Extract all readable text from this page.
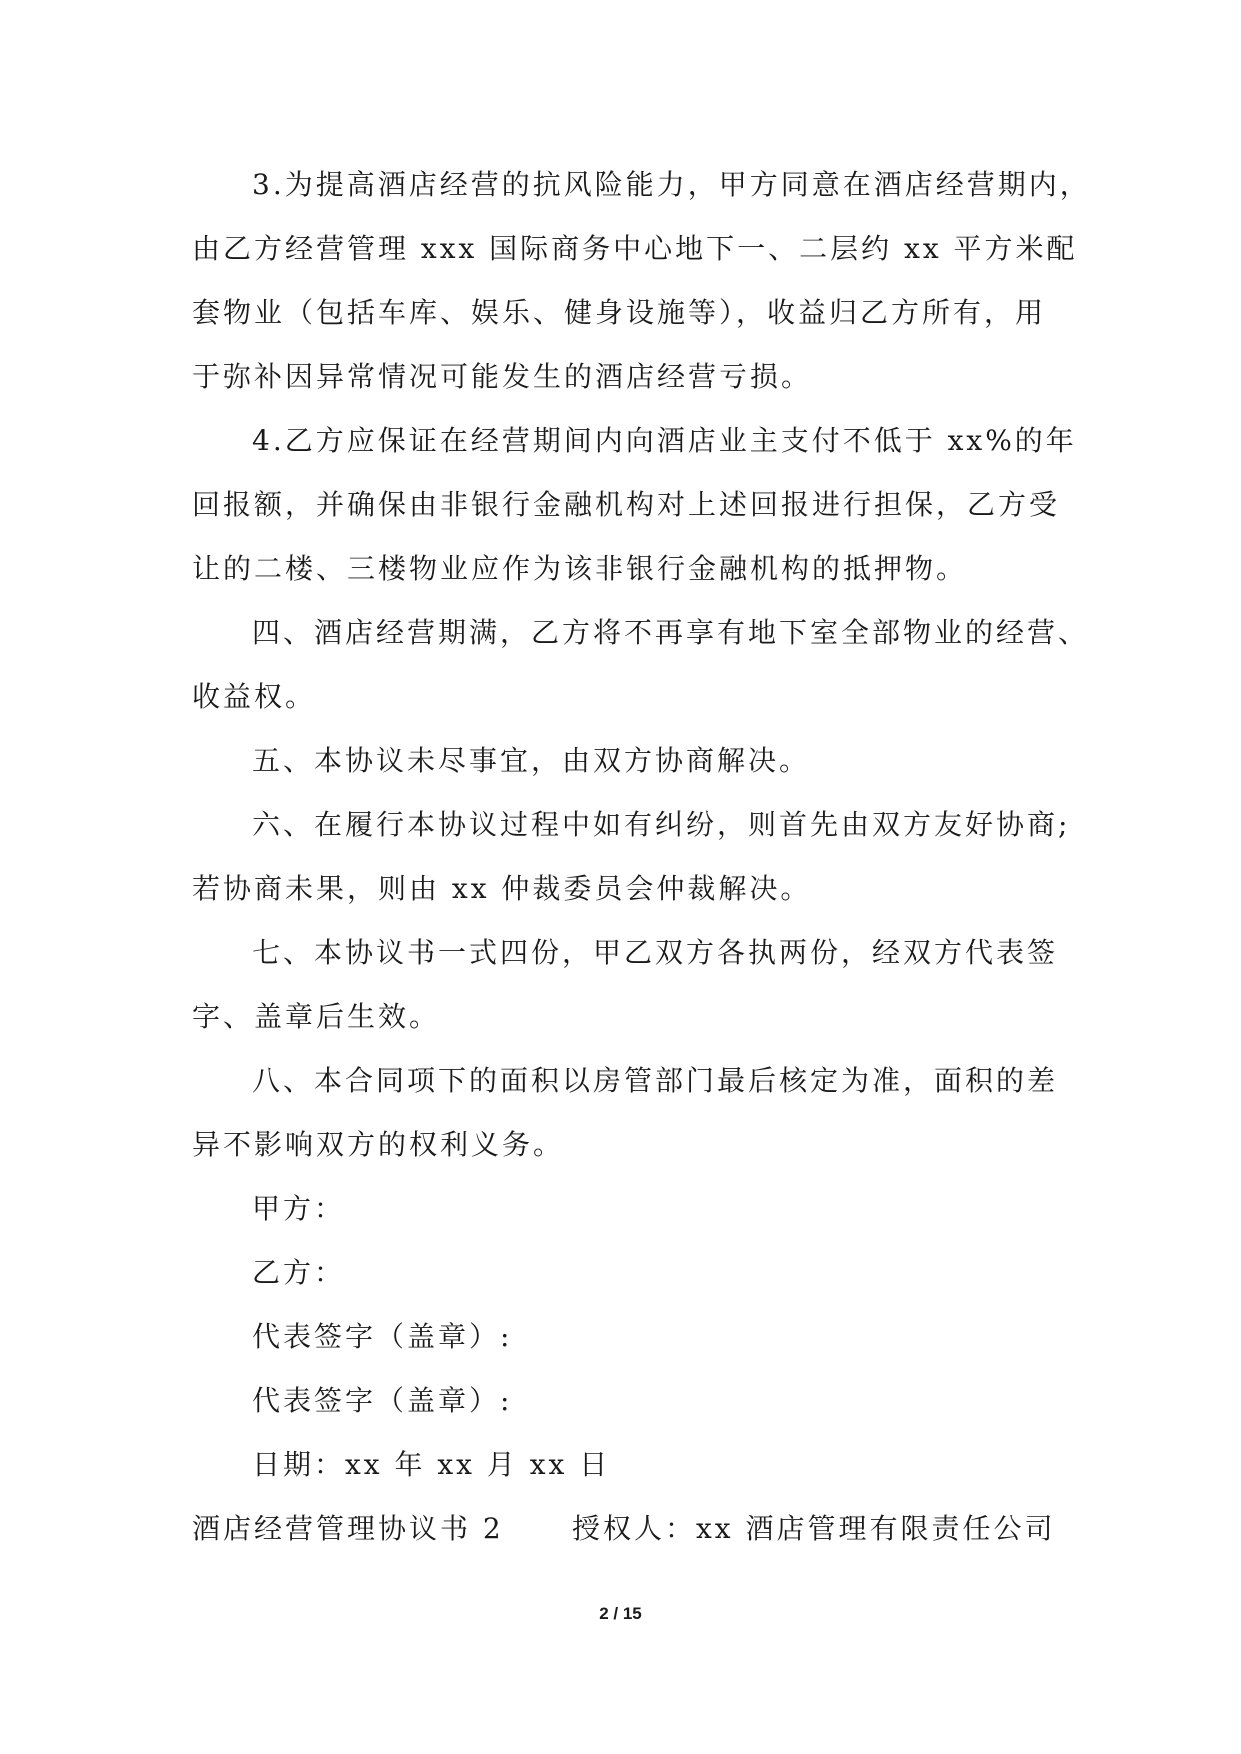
3.为提高酒店经营的抗风险能力，甲方同意在酒店经营期内，
由乙方经营管理 xxx 国际商务中心地下一、二层约 xx 平方米配
套物业（包括车库、娱乐、健身设施等），收益归乙方所有，用
于弥补因异常情况可能发生的酒店经营亏损。
4.乙方应保证在经营期间内向酒店业主支付不低于 xx%的年
回报额，并确保由非银行金融机构对上述回报进行担保，乙方受
让的二楼、三楼物业应作为该非银行金融机构的抵押物。
四、酒店经营期满，乙方将不再享有地下室全部物业的经营、
收益权。
五、本协议未尽事宜，由双方协商解决。
六、在履行本协议过程中如有纠纷，则首先由双方友好协商;
若协商未果，则由 xx 仲裁委员会仲裁解决。
七、本协议书一式四份，甲乙双方各执两份，经双方代表签
字、盖章后生效。
八、本合同项下的面积以房管部门最后核定为准，面积的差
异不影响双方的权利义务。
甲方：
乙方：
代表签字（盖章）:
代表签字（盖章）:
日期：xx 年 xx 月 xx 日
酒店经营管理协议书 2	授权人：xx 酒店管理有限责任公司
2 / 15
